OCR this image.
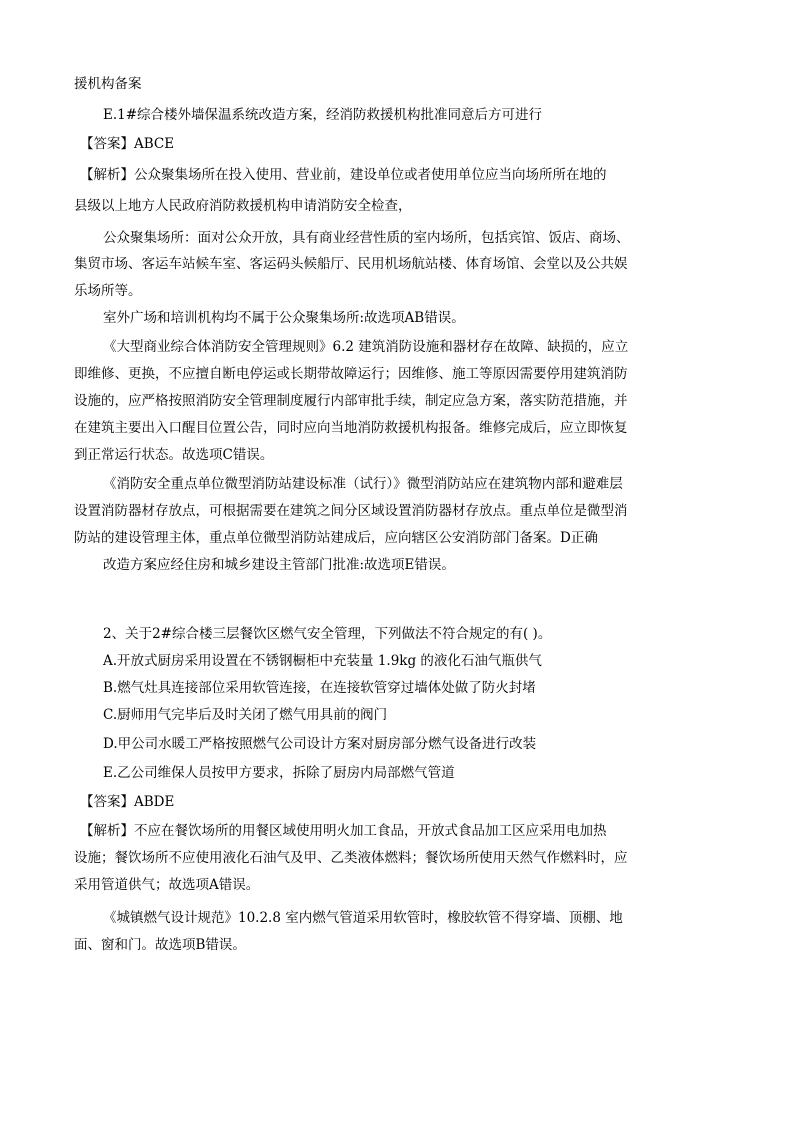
援机构备案
E.1#综合楼外墙保温系统改造方案，经消防救援机构批准同意后方可进行
【答案】ABCE
【解析】公众聚集场所在投入使用、营业前，建设单位或者使用单位应当向场所所在地的
县级以上地方人民政府消防救援机构申请消防安全检查，
公众聚集场所：面对公众开放，具有商业经营性质的室内场所，包括宾馆、饭店、商场、
集贸市场、客运车站候车室、客运码头候船厅、民用机场航站楼、体育场馆、会堂以及公共娱
乐场所等。
室外广场和培训机构均不属于公众聚集场所:故选项AB错误。
《大型商业综合体消防安全管理规则》6.2 建筑消防设施和器材存在故障、缺损的，应立
即维修、更换，不应擅自断电停运或长期带故障运行；因维修、施工等原因需要停用建筑消防
设施的，应严格按照消防安全管理制度履行内部审批手续，制定应急方案，落实防范措施，并
在建筑主要出入口醒目位置公告，同时应向当地消防救援机构报备。维修完成后，应立即恢复
到正常运行状态。故选项C错误。
《消防安全重点单位微型消防站建设标准（试行）》微型消防站应在建筑物内部和避难层
设置消防器材存放点，可根据需要在建筑之间分区域设置消防器材存放点。重点单位是微型消
防站的建设管理主体，重点单位微型消防站建成后，应向辖区公安消防部门备案。D正确
改造方案应经住房和城乡建设主管部门批准:故选项E错误。
2、关于2#综合楼三层餐饮区燃气安全管理，下列做法不符合规定的有( )。
A.开放式厨房采用设置在不锈钢橱柜中充装量 1.9kg 的液化石油气瓶供气
B.燃气灶具连接部位采用软管连接，在连接软管穿过墙体处做了防火封堵
C.厨师用气完毕后及时关闭了燃气用具前的阀门
D.甲公司水暖工严格按照燃气公司设计方案对厨房部分燃气设备进行改装
E.乙公司维保人员按甲方要求，拆除了厨房内局部燃气管道
【答案】ABDE
【解析】不应在餐饮场所的用餐区域使用明火加工食品，开放式食品加工区应采用电加热
设施；餐饮场所不应使用液化石油气及甲、乙类液体燃料；餐饮场所使用天然气作燃料时，应
采用管道供气；故选项A错误。
《城镇燃气设计规范》10.2.8 室内燃气管道采用软管时，橡胶软管不得穿墙、顶棚、地
面、窗和门。故选项B错误。
